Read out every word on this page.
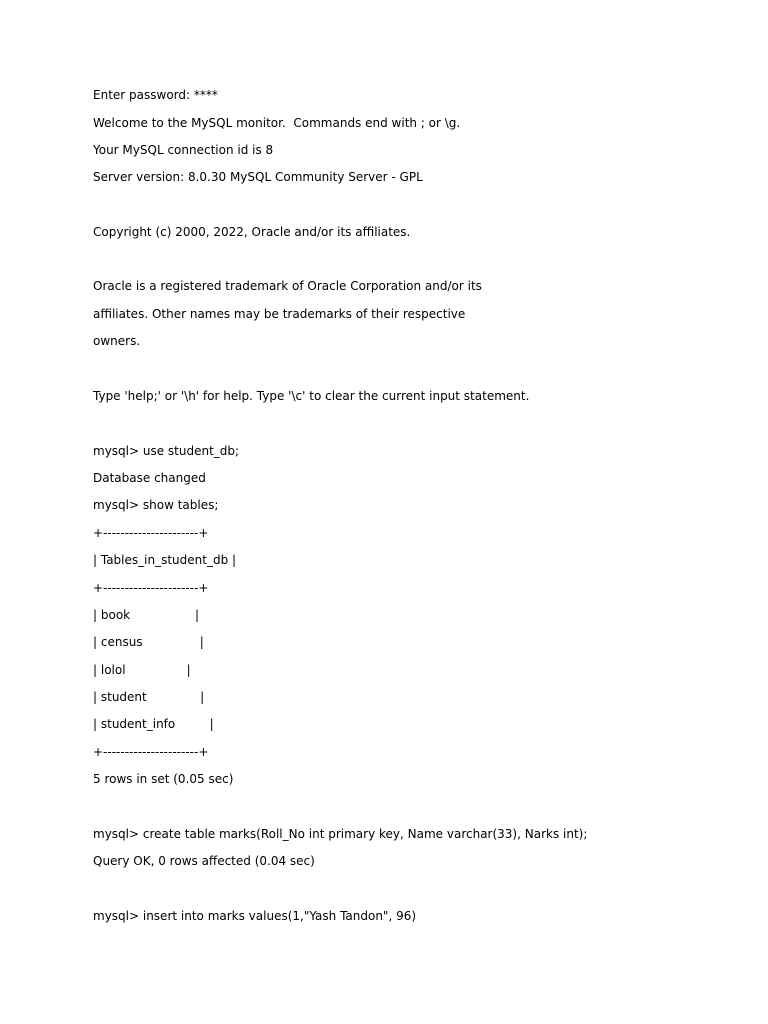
Enter password: ****
Welcome to the MySQL monitor.  Commands end with ; or \g.
Your MySQL connection id is 8
Server version: 8.0.30 MySQL Community Server - GPL
Copyright (c) 2000, 2022, Oracle and/or its affiliates.
Oracle is a registered trademark of Oracle Corporation and/or its
affiliates. Other names may be trademarks of their respective
owners.
Type 'help;' or '\h' for help. Type '\c' to clear the current input statement.
mysql> use student_db;
Database changed
mysql> show tables;
+----------------------+
| Tables_in_student_db |
+----------------------+
| book                 |
| census               |
| lolol                |
| student              |
| student_info         |
+----------------------+
5 rows in set (0.05 sec)
mysql> create table marks(Roll_No int primary key, Name varchar(33), Narks int);
Query OK, 0 rows affected (0.04 sec)
mysql> insert into marks values(1,"Yash Tandon", 96)
